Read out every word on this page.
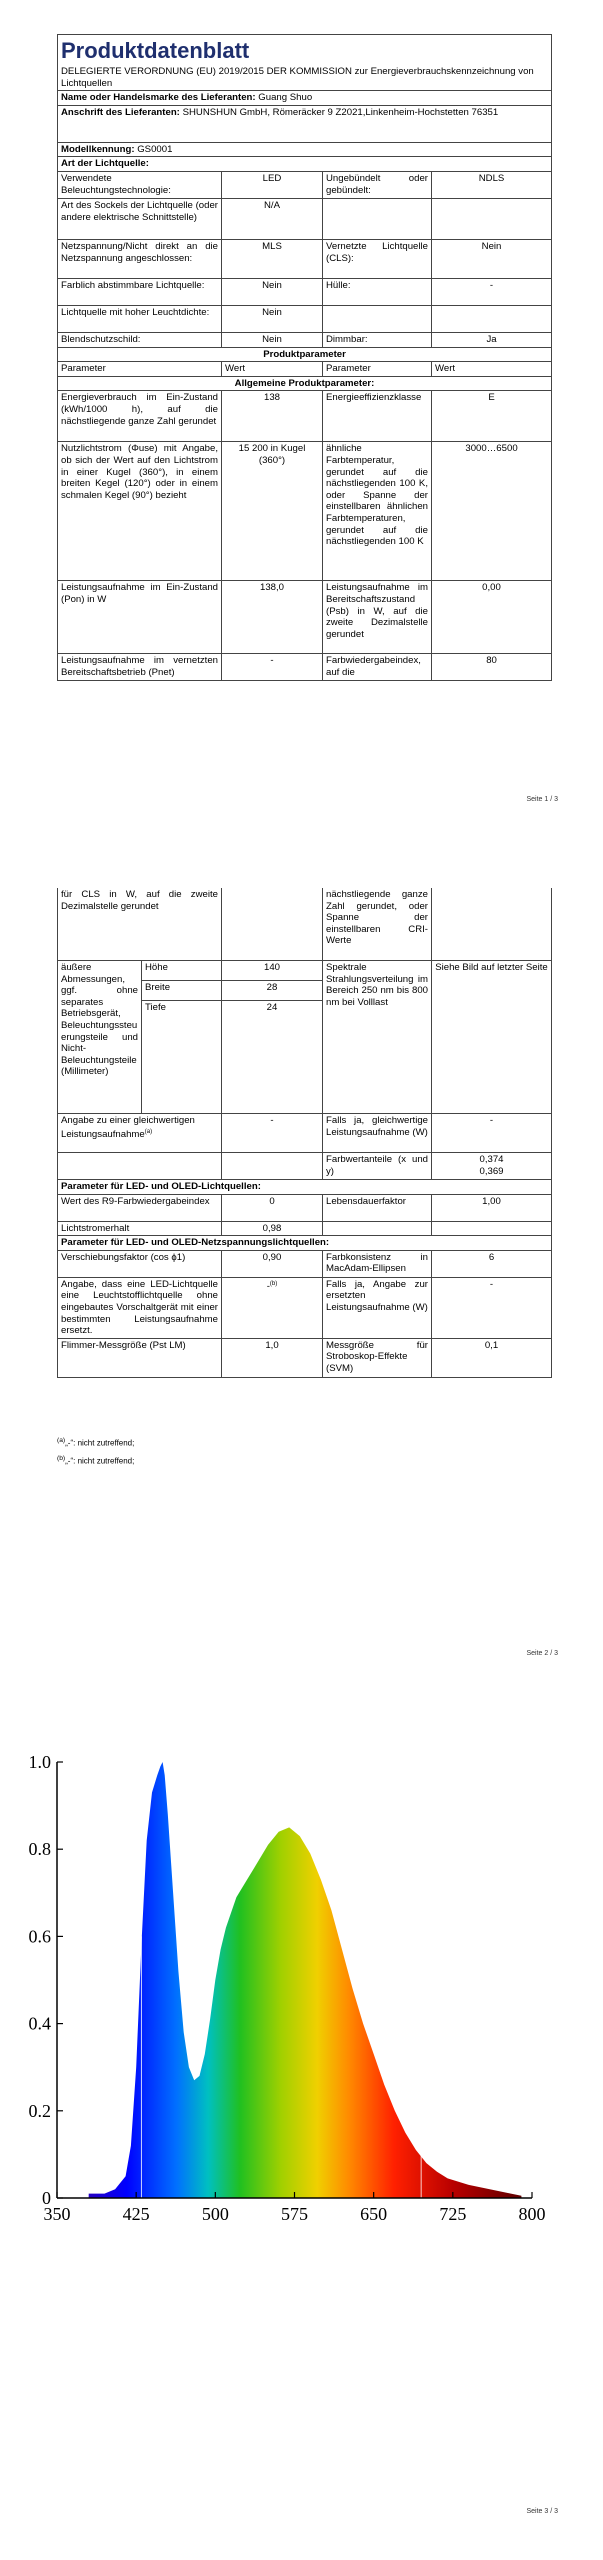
Produktdatenblatt			
DELEGIERTE VERORDNUNG (EU) 2019/2015 DER KOMMISSION zur Energieverbrauchskennzeichnung von Lichtquellen			
Name oder Handelsmarke des Lieferanten: Guang Shuo			
Anschrift des Lieferanten: SHUNSHUN GmbH, Römeräcker 9 Z2021,Linkenheim-Hochstetten 76351			
Modellkennung: GS0001			
Art der Lichtquelle:			
Verwendete Beleuchtungstechnologie:	LED	Ungebündelt oder gebündelt:	NDLS
Art des Sockels der Lichtquelle (oder andere elektrische Schnittstelle)	N/A		
Netzspannung/Nicht direkt an die Netzspannung angeschlossen:	MLS	Vernetzte Lichtquelle (CLS):	Nein
Farblich abstimmbare Lichtquelle:	Nein	Hülle:	-
Lichtquelle mit hoher Leuchtdichte:	Nein		
Blendschutzschild:	Nein	Dimmbar:	Ja
Produktparameter			
Parameter	Wert	Parameter	Wert
Allgemeine Produktparameter:			
Energieverbrauch im Ein-Zustand (kWh/1000 h), auf die nächstliegende ganze Zahl gerundet	138	Energieeffizienzklasse	E
Nutzlichtstrom (Φuse) mit Angabe, ob sich der Wert auf den Lichtstrom in einer Kugel (360°), in einem breiten Kegel (120°) oder in einem schmalen Kegel (90°) bezieht	15 200 in Kugel (360°)	ähnliche Farbtemperatur, gerundet auf die nächstliegenden 100 K, oder Spanne der einstellbaren ähnlichen Farbtemperaturen, gerundet auf die nächstliegenden 100 K	3000…6500
Leistungsaufnahme im Ein-Zustand (Pon) in W	138,0	Leistungsaufnahme im Bereitschaftszustand (Psb) in W, auf die zweite Dezimalstelle gerundet	0,00
Leistungsaufnahme im vernetzten Bereitschaftsbetrieb (Pnet)	-	Farbwiedergabeindex, auf die	80
Seite 1 / 3
für CLS in W, auf die zweite Dezimalstelle gerundet			nächstliegende ganze Zahl gerundet, oder Spanne der einstellbaren CRI-Werte	
äußere Abmessungen, ggf. ohne separates Betriebsgerät, Beleuchtungssteuerungsteile und Nicht-Beleuchtungsteile (Millimeter)	Höhe	140	Spektrale Strahlungsverteilung im Bereich 250 nm bis 800 nm bei Volllast	Siehe Bild auf letzter Seite
	Breite	28		
	Tiefe	24		
Angabe zu einer gleichwertigen Leistungsaufnahme$^{(a)}$		-	Falls ja, gleichwertige Leistungsaufnahme (W)	-
			Farbwertanteile (x und y)	0,374
0,369
Parameter für LED- und OLED-Lichtquellen:				
Wert des R9-Farbwiedergabeindex		0	Lebensdauerfaktor	1,00
Lichtstromerhalt		0,98		
Parameter für LED- und OLED-Netzspannungslichtquellen:				
Verschiebungsfaktor (cos ϕ1)		0,90	Farbkonsistenz in MacAdam-Ellipsen	6
Angabe, dass eine LED-Lichtquelle eine Leuchtstofflichtquelle ohne eingebautes Vorschaltgerät mit einer bestimmten Leistungsaufnahme ersetzt.		-$^{(b)}$	Falls ja, Angabe zur ersetzten Leistungsaufnahme (W)	-
Flimmer-Messgröße (Pst LM)		1,0	Messgröße für Stroboskop-Effekte (SVM)	0,1
$^{(a)}$„-“: nicht zutreffend;
$^{(b)}$„-“: nicht zutreffend;
Seite 2 / 3
0
0.2
0.4
0.6
0.8
1.0
350	425	500	575	650	725	800
Seite 3 / 3
